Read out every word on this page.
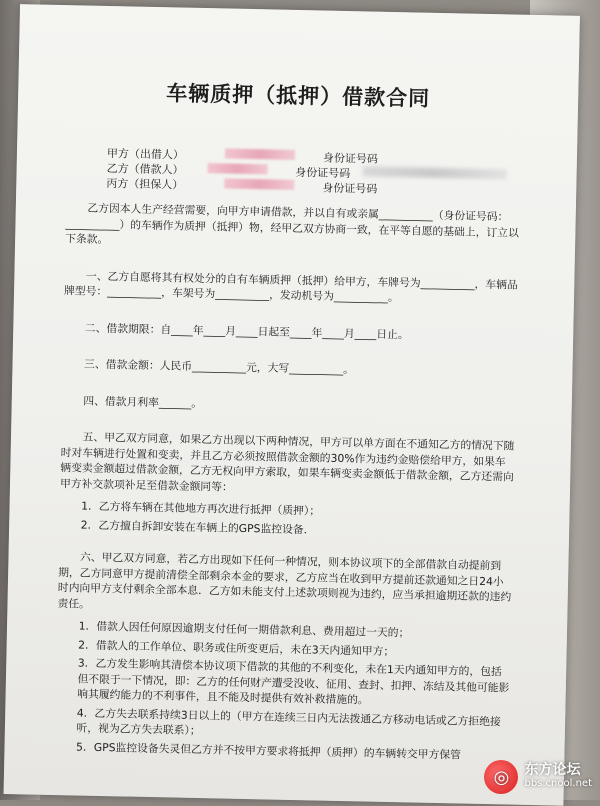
车辆质押（抵押）借款合同
甲方（出借人）	身份证号码
乙方（借款人）	身份证号码
丙方（担保人）	身份证号码

乙方因本人生产经营需要，向甲方申请借款，并以自有或亲属__________（身份证号码：__________）的车辆作为质押（抵押）物，经甲乙双方协商一致，在平等自愿的基础上，订立以下条款。

一、乙方自愿将其有权处分的自有车辆质押（抵押）给甲方，车牌号为__________，车辆品牌型号：__________，车架号为__________，发动机号为__________。

二、借款期限：自____年____月____日起至____年____月____日止。

三、借款金额：人民币__________元，大写__________。

四、借款月利率______。

五、甲乙双方同意，如果乙方出现以下两种情况，甲方可以单方面在不通知乙方的情况下随时对车辆进行处置和变卖，并且乙方必须按照借款金额的30%作为违约金赔偿给甲方，如果车辆变卖金额超过借款金额，乙方无权向甲方索取，如果车辆变卖金额低于借款金额，乙方还需向甲方补交款项补足至借款金额同等：

1．乙方将车辆在其他地方再次进行抵押（质押）；

2．乙方擅自拆卸安装在车辆上的GPS监控设备．

六、甲乙双方同意，若乙方出现如下任何一种情况，则本协议项下的全部借款自动提前到期，乙方同意甲方提前清偿全部剩余本金的要求，乙方应当在收到甲方提前还款通知之日24小时内向甲方支付剩余全部本息．乙方如未能支付上述款项则视为违约，应当承担逾期还款的违约责任。

1．借款人因任何原因逾期支付任何一期借款利息、费用超过一天的；

2．借款人的工作单位、职务或住所变更后，未在3天内通知甲方；

3．乙方发生影响其清偿本协议项下借款的其他的不利变化，未在1天内通知甲方的，包括但不限于一下情况，即：乙方的任何财产遭受没收、征用、查封、扣押、冻结及其他可能影响其履约能力的不利事件，且不能及时提供有效补救措施的。

4．乙方失去联系持续3日以上的（甲方在连续三日内无法拨通乙方移动电话或乙方拒绝接听，视为乙方失去联系）；

5．GPS监控设备失灵但乙方并不按甲方要求将抵押（质押）的车辆转交甲方保管

◎	东方论坛
bbs.cnool.net
